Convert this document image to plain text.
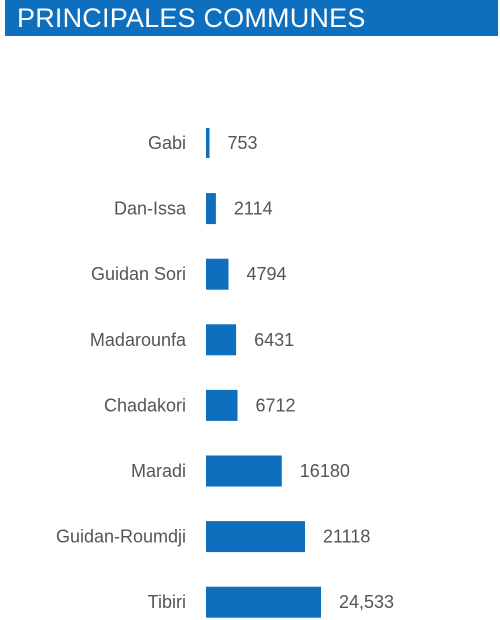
PRINCIPALES COMMUNES
Gabi 753
Dan-Issa	2114
Guidan Sori	4794
Madarounfa	6431
Chadakori	6712
Maradi	16180
Guidan-Roumdji	21118
Tibiri	24,533
